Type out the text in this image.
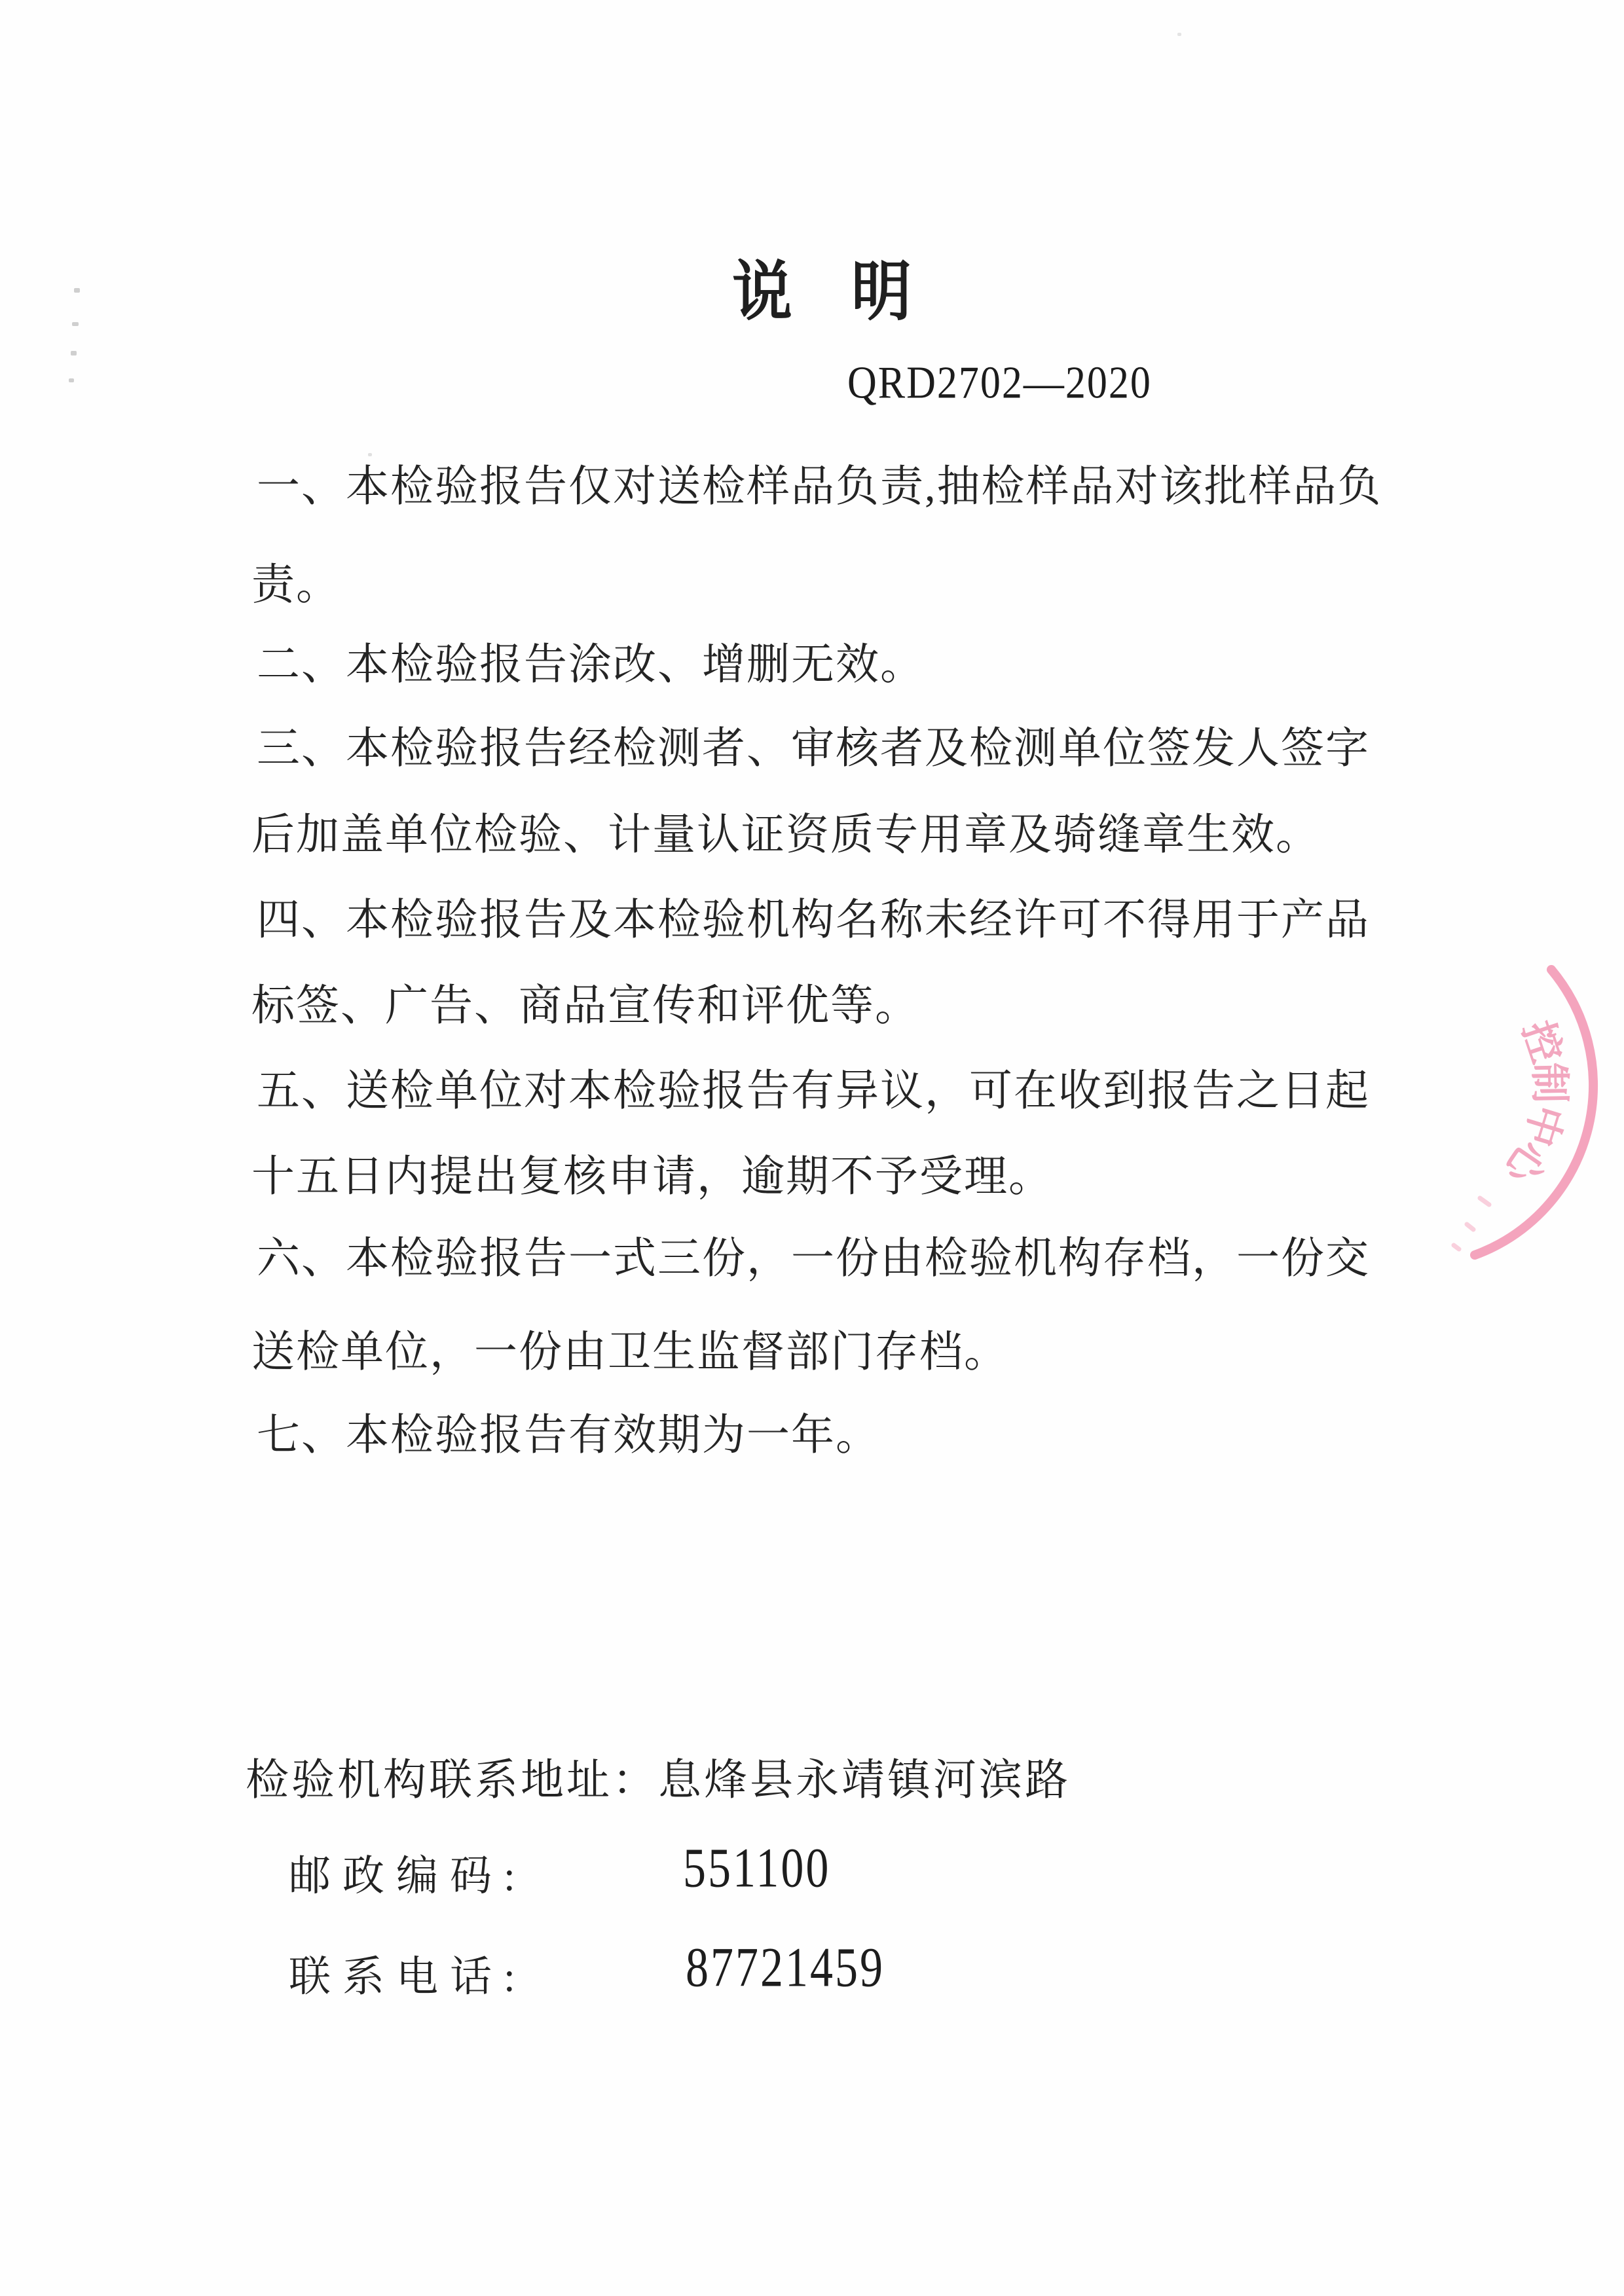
说明
QRD2702—2020
一、本检验报告仅对送检样品负责,抽检样品对该批样品负
责。
二、本检验报告涂改、增删无效。
三、本检验报告经检测者、审核者及检测单位签发人签字
后加盖单位检验、计量认证资质专用章及骑缝章生效。
四、本检验报告及本检验机构名称未经许可不得用于产品
标签、广告、商品宣传和评优等。
五、送检单位对本检验报告有异议，可在收到报告之日起
十五日内提出复核申请，逾期不予受理。
六、本检验报告一式三份，一份由检验机构存档，一份交
送检单位，一份由卫生监督部门存档。
七、本检验报告有效期为一年。
检验机构联系地址：息烽县永靖镇河滨路
邮政编码:	551100
联系电话:	87721459
控
制
中
心
